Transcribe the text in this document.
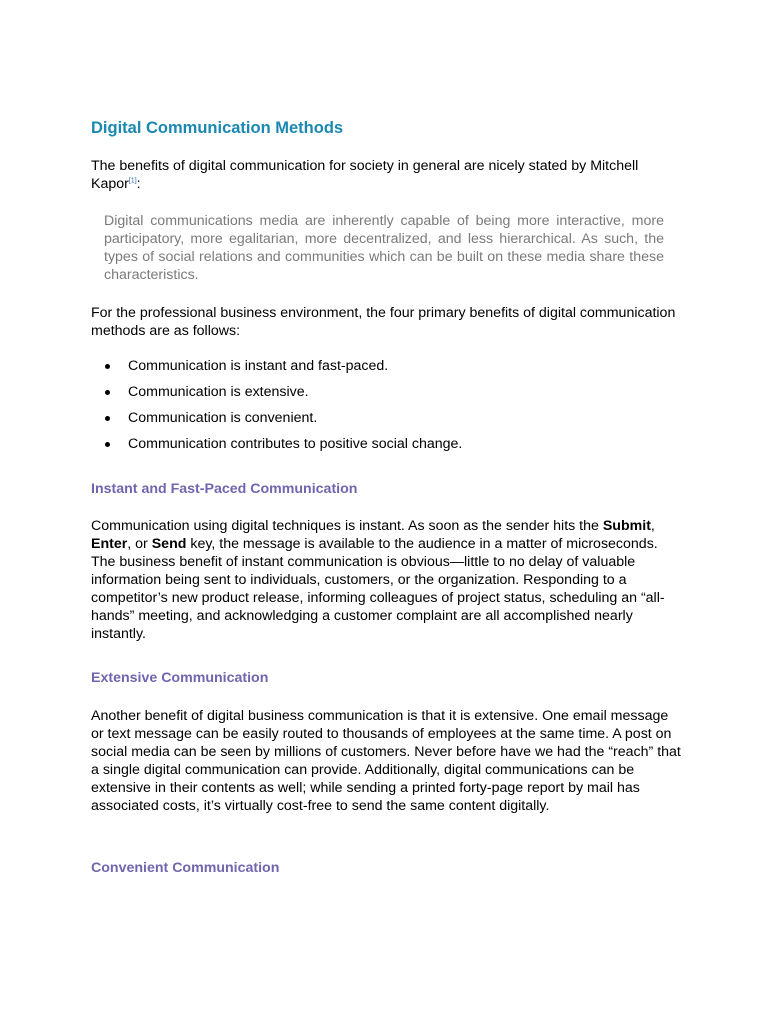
Digital Communication Methods

The benefits of digital communication for society in general are nicely stated by Mitchell Kapor[1]:

Digital communications media are inherently capable of being more interactive, more participatory, more egalitarian, more decentralized, and less hierarchical. As such, the types of social relations and communities which can be built on these media share these characteristics.

For the professional business environment, the four primary benefits of digital communication methods are as follows:

Communication is instant and fast-paced.
Communication is extensive.
Communication is convenient.
Communication contributes to positive social change.
Instant and Fast-Paced Communication

Communication using digital techniques is instant. As soon as the sender hits the Submit, Enter, or Send key, the message is available to the audience in a matter of microseconds. The business benefit of instant communication is obvious—little to no delay of valuable information being sent to individuals, customers, or the organization. Responding to a competitor’s new product release, informing colleagues of project status, scheduling an “all-hands” meeting, and acknowledging a customer complaint are all accomplished nearly instantly.

Extensive Communication

Another benefit of digital business communication is that it is extensive. One email message or text message can be easily routed to thousands of employees at the same time. A post on social media can be seen by millions of customers. Never before have we had the “reach” that a single digital communication can provide. Additionally, digital communications can be extensive in their contents as well; while sending a printed forty-page report by mail has associated costs, it’s virtually cost-free to send the same content digitally.

Convenient Communication
